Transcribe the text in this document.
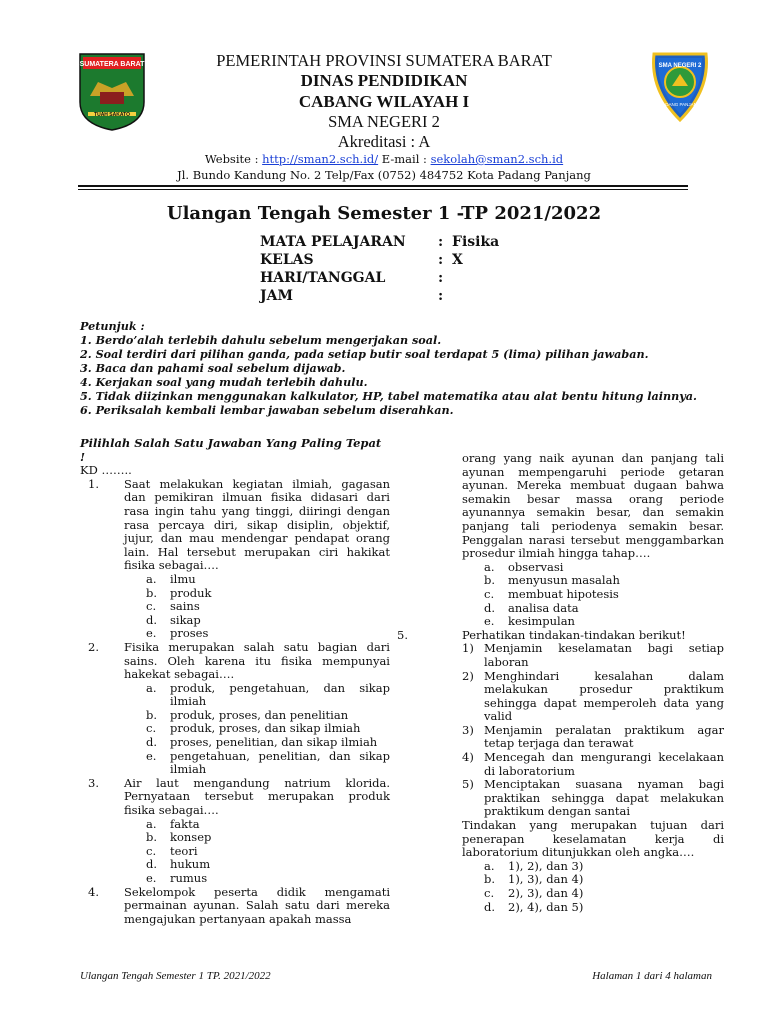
SUMATERA BARAT
TUAH SAKATO
SMA NEGERI 2
PADANG PANJANG
PEMERINTAH PROVINSI SUMATERA BARAT
DINAS PENDIDIKAN
CABANG WILAYAH I
SMA NEGERI 2
Akreditasi : A
Website : http://sman2.sch.id/ E-mail : sekolah@sman2.sch.id
Jl. Bundo Kandung No. 2 Telp/Fax (0752) 484752 Kota Padang Panjang
Ulangan Tengah Semester 1 -TP 2021/2022
MATA PELAJARAN : Fisika
KELAS	: X
HARI/TANGGAL	:
JAM	:
Petunjuk :
1. Berdo’alah terlebih dahulu sebelum mengerjakan soal.
2. Soal terdiri dari pilihan ganda, pada setiap butir soal terdapat 5 (lima) pilihan jawaban.
3. Baca dan pahami soal sebelum dijawab.
4. Kerjakan soal yang mudah terlebih dahulu.
5. Tidak diizinkan menggunakan kalkulator, HP, tabel matematika atau alat bentu hitung lainnya.
6. Periksalah kembali lembar jawaban sebelum diserahkan.
Pilihlah Salah Satu Jawaban Yang Paling Tepat !
KD ……..
1. Saat melakukan kegiatan ilmiah, gagasan dan pemikiran ilmuan fisika didasari dari rasa ingin tahu yang tinggi, diiringi dengan rasa percaya diri, sikap disiplin, objektif, jujur, dan mau mendengar pendapat orang lain. Hal tersebut merupakan ciri hakikat fisika sebagai….
a. ilmu
b. produk
c. sains
d. sikap
e. proses
2. Fisika merupakan salah satu bagian dari sains. Oleh karena itu fisika mempunyai hakekat sebagai….
a. produk, pengetahuan, dan sikap ilmiah
b. produk, proses, dan penelitian
c. produk, proses, dan sikap ilmiah
d. proses, penelitian, dan sikap ilmiah
e. pengetahuan, penelitian, dan sikap ilmiah
3. Air laut mengandung natrium klorida. Pernyataan tersebut merupakan produk fisika sebagai….
a. fakta
b. konsep
c. teori
d. hukum
e. rumus
4. Sekelompok peserta didik mengamati permainan ayunan. Salah satu dari mereka mengajukan pertanyaan apakah massa
orang yang naik ayunan dan panjang tali ayunan mempengaruhi periode getaran ayunan. Mereka membuat dugaan bahwa semakin besar massa orang periode ayunannya semakin besar, dan semakin panjang tali periodenya semakin besar. Penggalan narasi tersebut menggambarkan prosedur ilmiah hingga tahap….
a. observasi
b. menyusun masalah
c. membuat hipotesis
d. analisa data
e. kesimpulan
5.	Perhatikan tindakan-tindakan berikut!
1) Menjamin keselamatan bagi setiap laboran
2) Menghindari kesalahan dalam melakukan prosedur praktikum sehingga dapat memperoleh data yang valid
3) Menjamin peralatan praktikum agar tetap terjaga dan terawat
4) Mencegah dan mengurangi kecelakaan di laboratorium
5) Menciptakan suasana nyaman bagi praktikan sehingga dapat melakukan praktikum dengan santai
Tindakan yang merupakan tujuan dari penerapan keselamatan kerja di laboratorium ditunjukkan oleh angka….
a. 1), 2), dan 3)
b. 1), 3), dan 4)
c. 2), 3), dan 4)
d. 2), 4), dan 5)
Ulangan Tengah Semester 1 TP. 2021/2022	Halaman 1 dari 4 halaman
